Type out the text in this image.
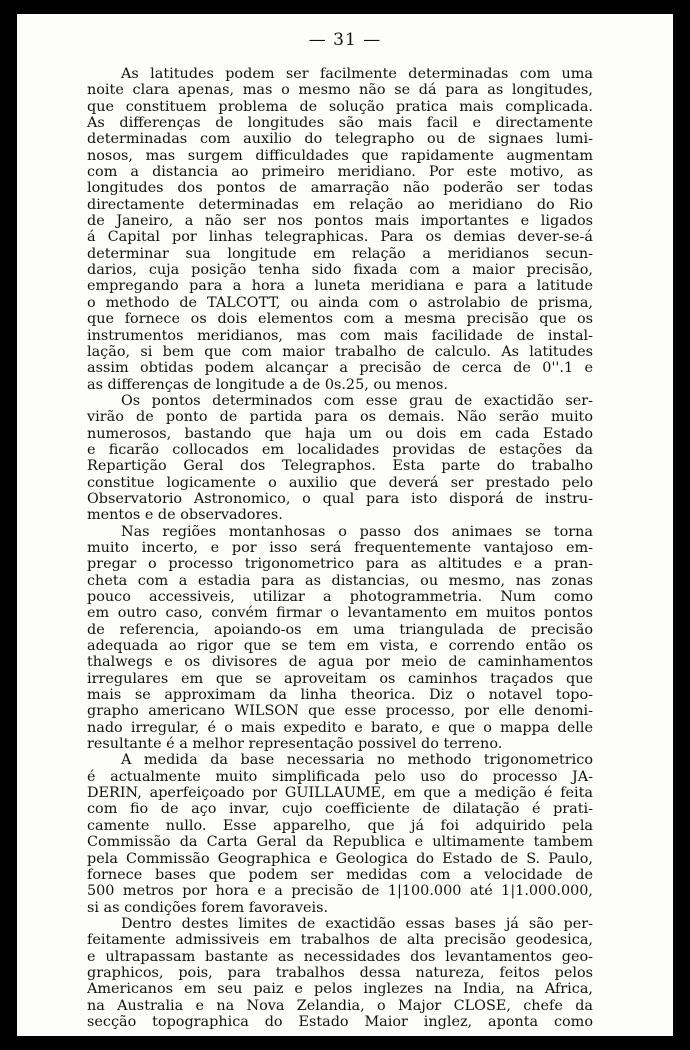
— 31 —
As latitudes podem ser facilmente determinadas com uma
noite clara apenas, mas o mesmo não se dá para as longitudes,
que constituem problema de solução pratica mais complicada.
As differenças de longitudes são mais facil e directamente
determinadas com auxilio do telegrapho ou de signaes lumi-
nosos, mas surgem difficuldades que rapidamente augmentam
com a distancia ao primeiro meridiano. Por este motivo, as
longitudes dos pontos de amarração não poderão ser todas
directamente determinadas em relação ao meridiano do Rio
de Janeiro, a não ser nos pontos mais importantes e ligados
á Capital por linhas telegraphicas. Para os demias dever-se-á
determinar sua longitude em relação a meridianos secun-
darios, cuja posição tenha sido fixada com a maior precisão,
empregando para a hora a luneta meridiana e para a latitude
o methodo de TALCOTT, ou ainda com o astrolabio de prisma,
que fornece os dois elementos com a mesma precisão que os
instrumentos meridianos, mas com mais facilidade de instal-
lação, si bem que com maior trabalho de calculo. As latitudes
assim obtidas podem alcançar a precisão de cerca de 0''.1 e
as differenças de longitude a de 0s.25, ou menos.
Os pontos determinados com esse grau de exactidão ser-
virão de ponto de partida para os demais. Não serão muito
numerosos, bastando que haja um ou dois em cada Estado
e ficarão collocados em localidades providas de estações da
Repartição Geral dos Telegraphos. Esta parte do trabalho
constitue logicamente o auxilio que deverá ser prestado pelo
Observatorio Astronomico, o qual para isto disporá de instru-
mentos e de observadores.
Nas regiões montanhosas o passo dos animaes se torna
muito incerto, e por isso será frequentemente vantajoso em-
pregar o processo trigonometrico para as altitudes e a pran-
cheta com a estadia para as distancias, ou mesmo, nas zonas
pouco accessiveis, utilizar a photogrammetria. Num como
em outro caso, convém firmar o levantamento em muitos pontos
de referencia, apoiando-os em uma triangulada de precisão
adequada ao rigor que se tem em vista, e correndo então os
thalwegs e os divisores de agua por meio de caminhamentos
irregulares em que se aproveitam os caminhos traçados que
mais se approximam da linha theorica. Diz o notavel topo-
grapho americano WILSON que esse processo, por elle denomi-
nado irregular, é o mais expedito e barato, e que o mappa delle
resultante é a melhor representação possivel do terreno.
A medida da base necessaria no methodo trigonometrico
é actualmente muito simplificada pelo uso do processo JA-
DERIN, aperfeiçoado por GUILLAUME, em que a medição é feita
com fio de aço invar, cujo coefficiente de dilatação é prati-
camente nullo. Esse apparelho, que já foi adquirido pela
Commissão da Carta Geral da Republica e ultimamente tambem
pela Commissão Geographica e Geologica do Estado de S. Paulo,
fornece bases que podem ser medidas com a velocidade de
500 metros por hora e a precisão de 1|100.000 até 1|1.000.000,
si as condições forem favoraveis.
Dentro destes limites de exactidão essas bases já são per-
feitamente admissiveis em trabalhos de alta precisão geodesica,
e ultrapassam bastante as necessidades dos levantamentos geo-
graphicos, pois, para trabalhos dessa natureza, feitos pelos
Americanos em seu paiz e pelos inglezes na India, na Africa,
na Australia e na Nova Zelandia, o Major CLOSE, chefe da
secção topographica do Estado Maior inglez, aponta como
